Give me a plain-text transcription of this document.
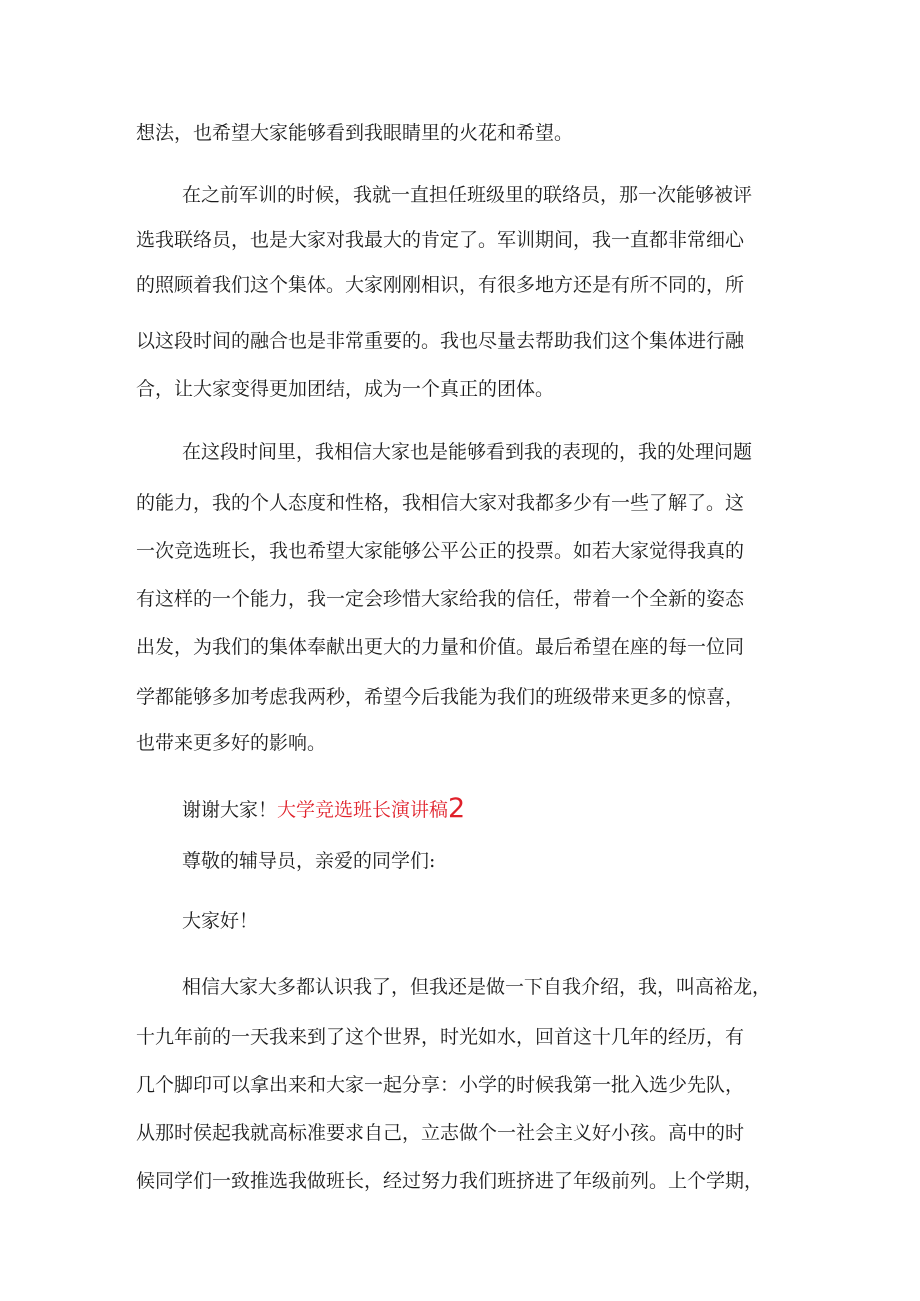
想法，也希望大家能够看到我眼睛里的火花和希望。
在之前军训的时候，我就一直担任班级里的联络员，那一次能够被评
选我联络员，也是大家对我最大的肯定了。军训期间，我一直都非常细心
的照顾着我们这个集体。大家刚刚相识，有很多地方还是有所不同的，所
以这段时间的融合也是非常重要的。我也尽量去帮助我们这个集体进行融
合，让大家变得更加团结，成为一个真正的团体。
在这段时间里，我相信大家也是能够看到我的表现的，我的处理问题
的能力，我的个人态度和性格，我相信大家对我都多少有一些了解了。这
一次竞选班长，我也希望大家能够公平公正的投票。如若大家觉得我真的
有这样的一个能力，我一定会珍惜大家给我的信任，带着一个全新的姿态
出发，为我们的集体奉献出更大的力量和价值。最后希望在座的每一位同
学都能够多加考虑我两秒，希望今后我能为我们的班级带来更多的惊喜，
也带来更多好的影响。
谢谢大家！大学竞选班长演讲稿2
尊敬的辅导员，亲爱的同学们:
大家好！
相信大家大多都认识我了，但我还是做一下自我介绍，我，叫高裕龙，
十九年前的一天我来到了这个世界，时光如水，回首这十几年的经历，有
几个脚印可以拿出来和大家一起分享：小学的时候我第一批入选少先队，
从那时侯起我就高标准要求自己，立志做个一社会主义好小孩。高中的时
候同学们一致推选我做班长，经过努力我们班挤进了年级前列。上个学期，
